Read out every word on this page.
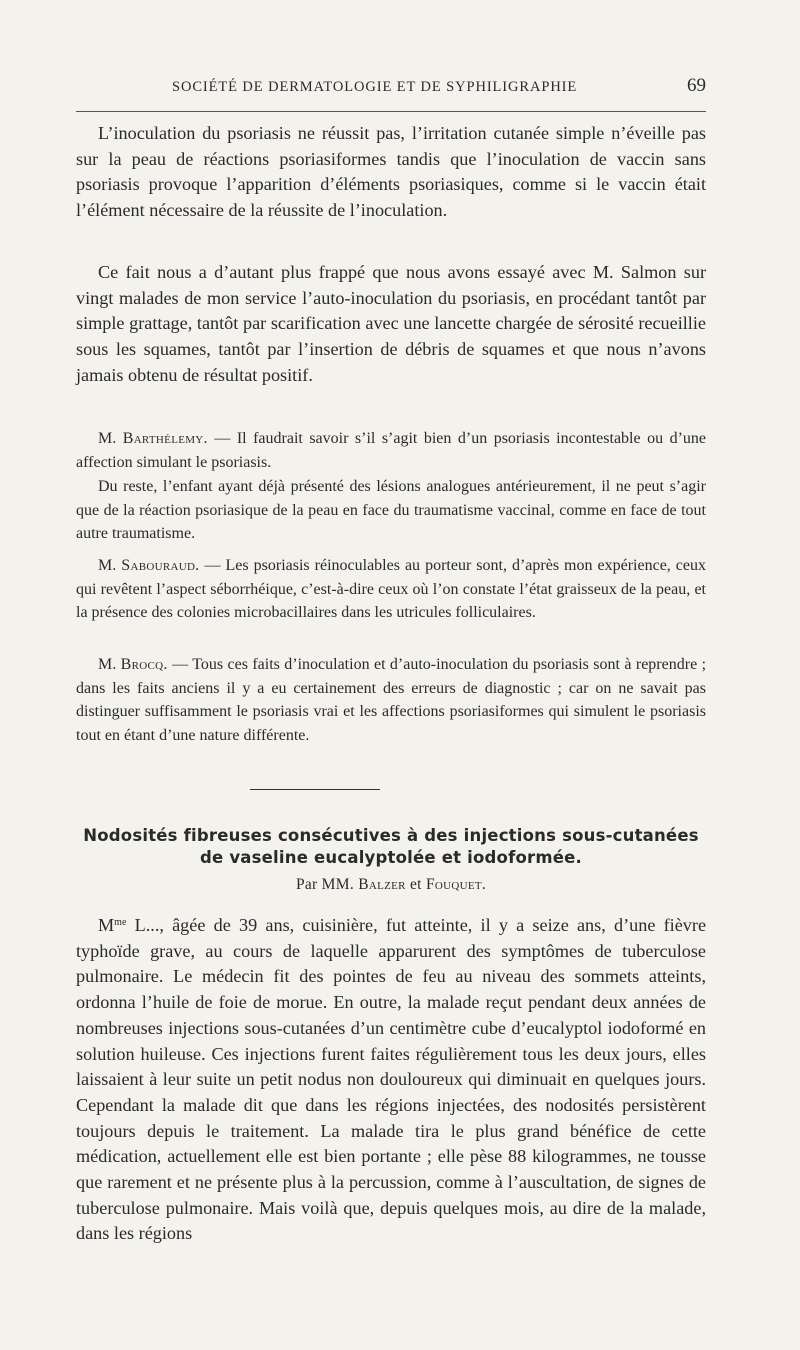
SOCIÉTÉ DE DERMATOLOGIE ET DE SYPHILIGRAPHIE	69

L’inoculation du psoriasis ne réussit pas, l’irritation cutanée simple n’éveille pas sur la peau de réactions psoriasiformes tandis que l’inoculation de vaccin sans psoriasis provoque l’apparition d’éléments psoriasiques, comme si le vaccin était l’élément nécessaire de la réussite de l’inoculation.

Ce fait nous a d’autant plus frappé que nous avons essayé avec M. Salmon sur vingt malades de mon service l’auto-inoculation du psoriasis, en procédant tantôt par simple grattage, tantôt par scarification avec une lancette chargée de sérosité recueillie sous les squames, tantôt par l’insertion de débris de squames et que nous n’avons jamais obtenu de résultat positif.

M. Barthélemy. — Il faudrait savoir s’il s’agit bien d’un psoriasis incontestable ou d’une affection simulant le psoriasis.

Du reste, l’enfant ayant déjà présenté des lésions analogues antérieurement, il ne peut s’agir que de la réaction psoriasique de la peau en face du traumatisme vaccinal, comme en face de tout autre traumatisme.

M. Sabouraud. — Les psoriasis réinoculables au porteur sont, d’après mon expérience, ceux qui revêtent l’aspect séborrhéique, c’est-à-dire ceux où l’on constate l’état graisseux de la peau, et la présence des colonies microbacillaires dans les utricules folliculaires.

M. Brocq. — Tous ces faits d’inoculation et d’auto-inoculation du psoriasis sont à reprendre ; dans les faits anciens il y a eu certainement des erreurs de diagnostic ; car on ne savait pas distinguer suffisamment le psoriasis vrai et les affections psoriasiformes qui simulent le psoriasis tout en étant d’une nature différente.

Nodosités fibreuses consécutives à des injections sous-cutanées
de vaseline eucalyptolée et iodoformée.
Par MM. Balzer et Fouquet.

$M^{me}$ L..., âgée de 39 ans, cuisinière, fut atteinte, il y a seize ans, d’une fièvre typhoïde grave, au cours de laquelle apparurent des symptômes de tuberculose pulmonaire. Le médecin fit des pointes de feu au niveau des sommets atteints, ordonna l’huile de foie de morue. En outre, la malade reçut pendant deux années de nombreuses injections sous-cutanées d’un centimètre cube d’eucalyptol iodoformé en solution huileuse. Ces injections furent faites régulièrement tous les deux jours, elles laissaient à leur suite un petit nodus non douloureux qui diminuait en quelques jours. Cependant la malade dit que dans les régions injectées, des nodosités persistèrent toujours depuis le traitement. La malade tira le plus grand bénéfice de cette médication, actuellement elle est bien portante ; elle pèse 88 kilogrammes, ne tousse que rarement et ne présente plus à la percussion, comme à l’auscultation, de signes de tuberculose pulmonaire. Mais voilà que, depuis quelques mois, au dire de la malade, dans les régions
